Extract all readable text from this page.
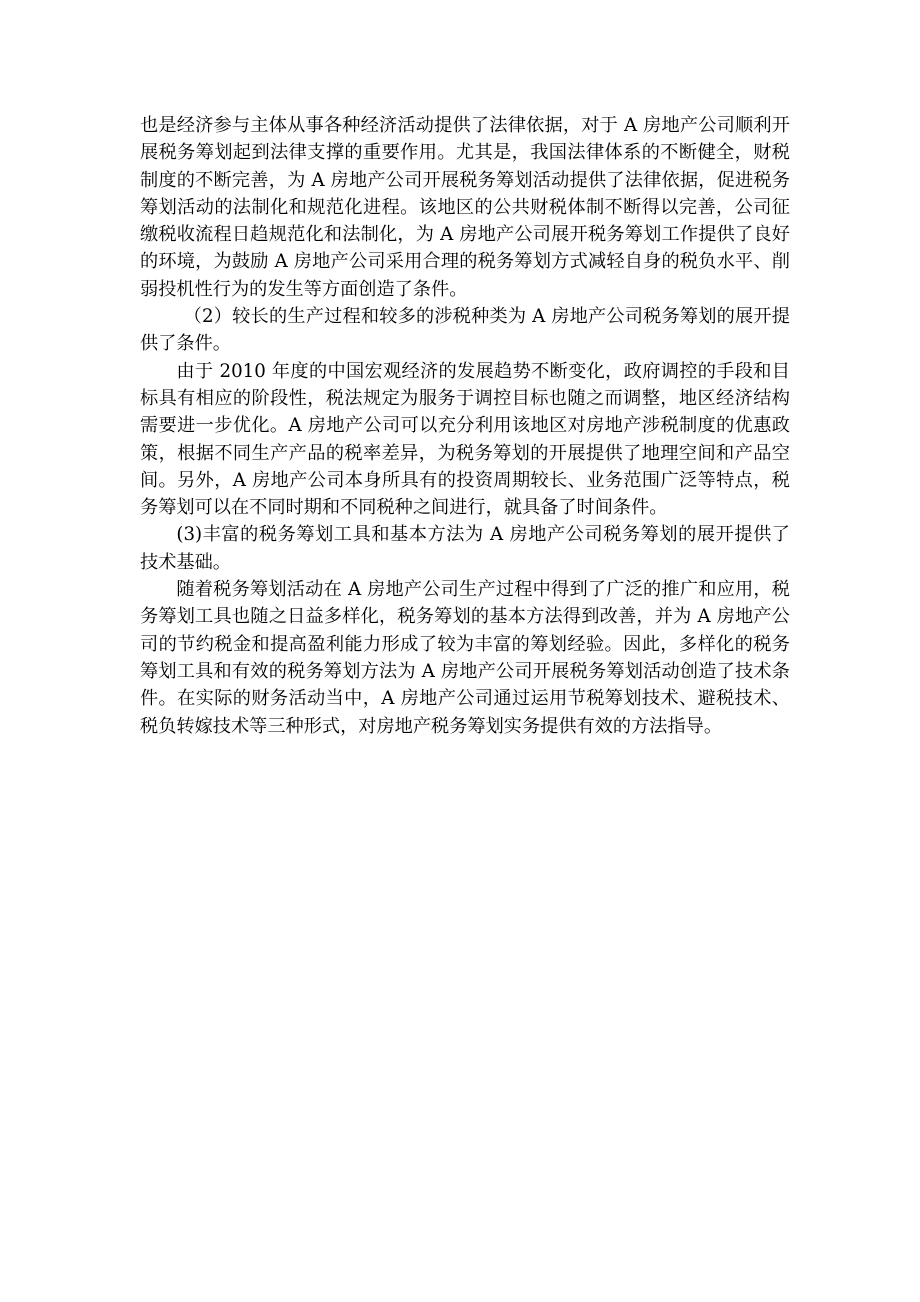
也是经济参与主体从事各种经济活动提供了法律依据，对于 A 房地产公司顺利开展税务筹划起到法律支撑的重要作用。尤其是，我国法律体系的不断健全，财税制度的不断完善，为 A 房地产公司开展税务筹划活动提供了法律依据，促进税务筹划活动的法制化和规范化进程。该地区的公共财税体制不断得以完善，公司征缴税收流程日趋规范化和法制化，为 A 房地产公司展开税务筹划工作提供了良好的环境，为鼓励 A 房地产公司采用合理的税务筹划方式减轻自身的税负水平、削弱投机性行为的发生等方面创造了条件。

（2）较长的生产过程和较多的涉税种类为 A 房地产公司税务筹划的展开提供了条件。

由于 2010 年度的中国宏观经济的发展趋势不断变化，政府调控的手段和目标具有相应的阶段性，税法规定为服务于调控目标也随之而调整，地区经济结构需要进一步优化。A 房地产公司可以充分利用该地区对房地产涉税制度的优惠政策，根据不同生产产品的税率差异，为税务筹划的开展提供了地理空间和产品空间。另外，A 房地产公司本身所具有的投资周期较长、业务范围广泛等特点，税务筹划可以在不同时期和不同税种之间进行，就具备了时间条件。

(3)丰富的税务筹划工具和基本方法为 A 房地产公司税务筹划的展开提供了技术基础。

随着税务筹划活动在 A 房地产公司生产过程中得到了广泛的推广和应用，税务筹划工具也随之日益多样化，税务筹划的基本方法得到改善，并为 A 房地产公司的节约税金和提高盈利能力形成了较为丰富的筹划经验。因此，多样化的税务筹划工具和有效的税务筹划方法为 A 房地产公司开展税务筹划活动创造了技术条件。在实际的财务活动当中，A 房地产公司通过运用节税筹划技术、避税技术、税负转嫁技术等三种形式，对房地产税务筹划实务提供有效的方法指导。
